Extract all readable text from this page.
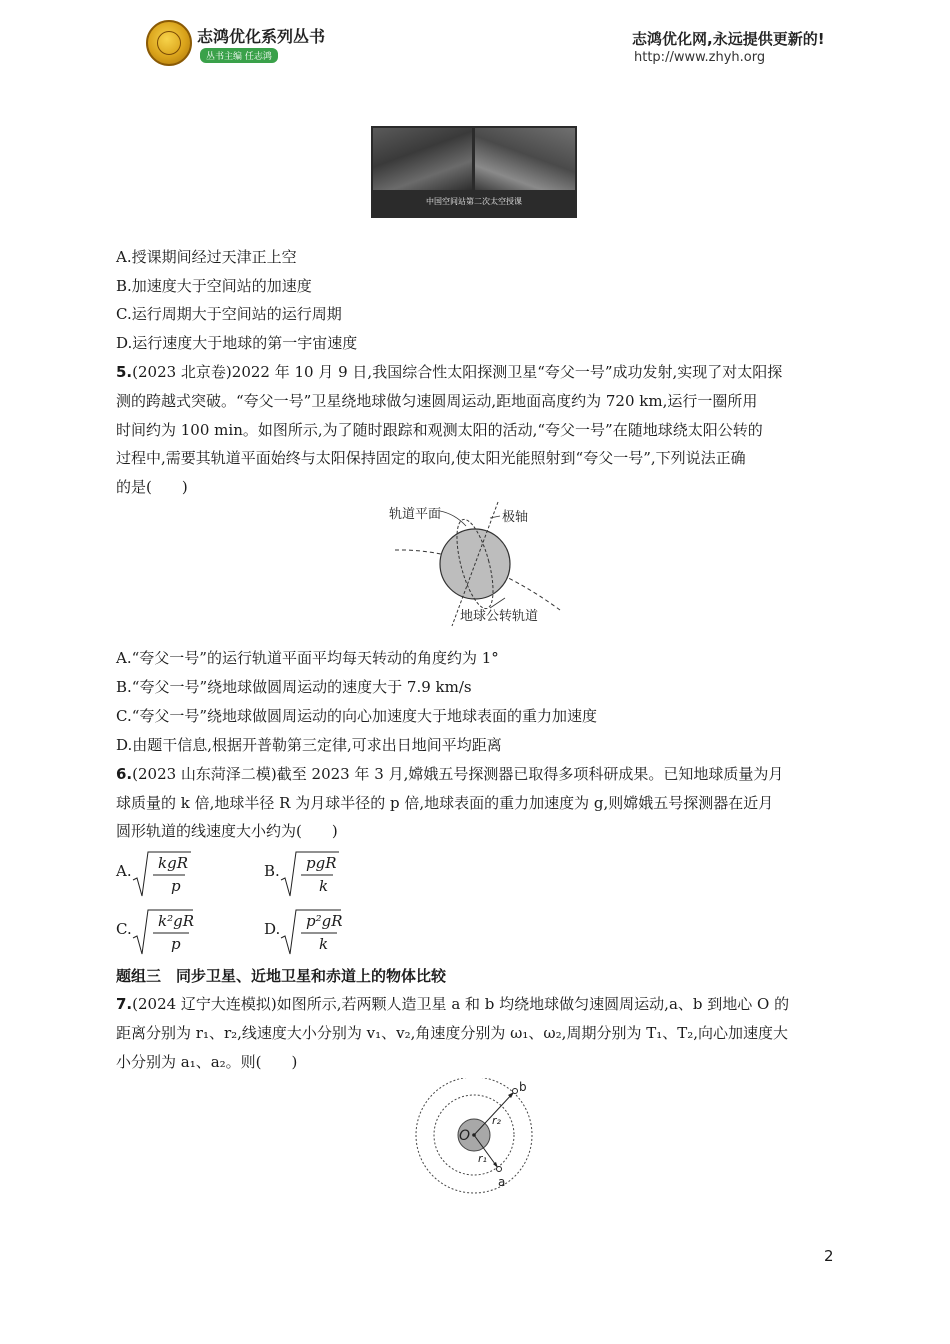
志鸿优化系列丛书
丛书主编 任志鸿
志鸿优化网,永远提供更新的!
http://www.zhyh.org
中国空间站第二次太空授课
A.授课期间经过天津正上空
B.加速度大于空间站的加速度
C.运行周期大于空间站的运行周期
D.运行速度大于地球的第一宇宙速度
5.(2023 北京卷)2022 年 10 月 9 日,我国综合性太阳探测卫星“夸父一号”成功发射,实现了对太阳探
测的跨越式突破。“夸父一号”卫星绕地球做匀速圆周运动,距地面高度约为 720 km,运行一圈所用
时间约为 100 min。如图所示,为了随时跟踪和观测太阳的活动,“夸父一号”在随地球绕太阳公转的
过程中,需要其轨道平面始终与太阳保持固定的取向,使太阳光能照射到“夸父一号”,下列说法正确
的是(　　)
轨道平面	极轴
地球公转轨道
A.“夸父一号”的运行轨道平面平均每天转动的角度约为 1°
B.“夸父一号”绕地球做圆周运动的速度大于 7.9 km/s
C.“夸父一号”绕地球做圆周运动的向心加速度大于地球表面的重力加速度
D.由题干信息,根据开普勒第三定律,可求出日地间平均距离
6.(2023 山东菏泽二模)截至 2023 年 3 月,嫦娥五号探测器已取得多项科研成果。已知地球质量为月
球质量的 k 倍,地球半径 R 为月球半径的 p 倍,地球表面的重力加速度为 g,则嫦娥五号探测器在近月
圆形轨道的线速度大小约为(　　)
A. kgR
p
B. pgR
k
C. k²gR
p
D. p²gR
k
题组三　同步卫星、近地卫星和赤道上的物体比较
7.(2024 辽宁大连模拟)如图所示,若两颗人造卫星 a 和 b 均绕地球做匀速圆周运动,a、b 到地心 O 的
距离分别为 r₁、r₂,线速度大小分别为 v₁、v₂,角速度分别为 ω₁、ω₂,周期分别为 T₁、T₂,向心加速度大
小分别为 a₁、a₂。则(　　)
O
b
a
r₂
r₁
2
